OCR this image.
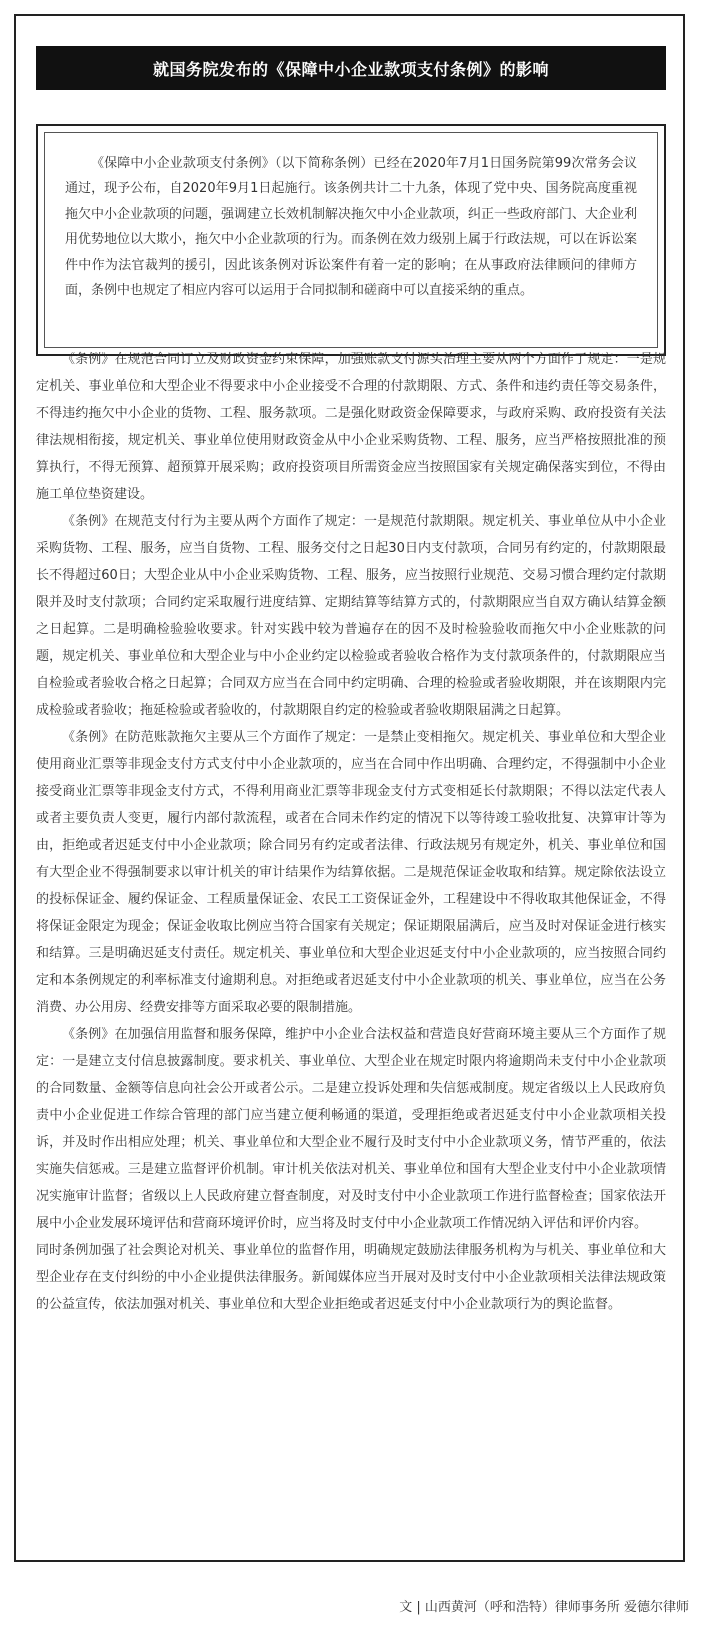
就国务院发布的《保障中小企业款项支付条例》的影响

《保障中小企业款项支付条例》（以下简称条例）已经在2020年7月1日国务院第99次常务会议通过，现予公布，自2020年9月1日起施行。该条例共计二十九条，体现了党中央、国务院高度重视拖欠中小企业款项的问题，强调建立长效机制解决拖欠中小企业款项，纠正一些政府部门、大企业利用优势地位以大欺小，拖欠中小企业款项的行为。而条例在效力级别上属于行政法规，可以在诉讼案件中作为法官裁判的援引，因此该条例对诉讼案件有着一定的影响；在从事政府法律顾问的律师方面，条例中也规定了相应内容可以运用于合同拟制和磋商中可以直接采纳的重点。

《条例》在规范合同订立及财政资金约束保障，加强账款支付源头治理主要从两个方面作了规定：一是规定机关、事业单位和大型企业不得要求中小企业接受不合理的付款期限、方式、条件和违约责任等交易条件，不得违约拖欠中小企业的货物、工程、服务款项。二是强化财政资金保障要求，与政府采购、政府投资有关法律法规相衔接，规定机关、事业单位使用财政资金从中小企业采购货物、工程、服务，应当严格按照批准的预算执行，不得无预算、超预算开展采购；政府投资项目所需资金应当按照国家有关规定确保落实到位，不得由施工单位垫资建设。

《条例》在规范支付行为主要从两个方面作了规定：一是规范付款期限。规定机关、事业单位从中小企业采购货物、工程、服务，应当自货物、工程、服务交付之日起30日内支付款项，合同另有约定的，付款期限最长不得超过60日；大型企业从中小企业采购货物、工程、服务，应当按照行业规范、交易习惯合理约定付款期限并及时支付款项；合同约定采取履行进度结算、定期结算等结算方式的，付款期限应当自双方确认结算金额之日起算。二是明确检验验收要求。针对实践中较为普遍存在的因不及时检验验收而拖欠中小企业账款的问题，规定机关、事业单位和大型企业与中小企业约定以检验或者验收合格作为支付款项条件的，付款期限应当自检验或者验收合格之日起算；合同双方应当在合同中约定明确、合理的检验或者验收期限，并在该期限内完成检验或者验收；拖延检验或者验收的，付款期限自约定的检验或者验收期限届满之日起算。

《条例》在防范账款拖欠主要从三个方面作了规定：一是禁止变相拖欠。规定机关、事业单位和大型企业使用商业汇票等非现金支付方式支付中小企业款项的，应当在合同中作出明确、合理约定，不得强制中小企业接受商业汇票等非现金支付方式，不得利用商业汇票等非现金支付方式变相延长付款期限；不得以法定代表人或者主要负责人变更，履行内部付款流程，或者在合同未作约定的情况下以等待竣工验收批复、决算审计等为由，拒绝或者迟延支付中小企业款项；除合同另有约定或者法律、行政法规另有规定外，机关、事业单位和国有大型企业不得强制要求以审计机关的审计结果作为结算依据。二是规范保证金收取和结算。规定除依法设立的投标保证金、履约保证金、工程质量保证金、农民工工资保证金外，工程建设中不得收取其他保证金，不得将保证金限定为现金；保证金收取比例应当符合国家有关规定；保证期限届满后，应当及时对保证金进行核实和结算。三是明确迟延支付责任。规定机关、事业单位和大型企业迟延支付中小企业款项的，应当按照合同约定和本条例规定的利率标准支付逾期利息。对拒绝或者迟延支付中小企业款项的机关、事业单位，应当在公务消费、办公用房、经费安排等方面采取必要的限制措施。

《条例》在加强信用监督和服务保障，维护中小企业合法权益和营造良好营商环境主要从三个方面作了规定：一是建立支付信息披露制度。要求机关、事业单位、大型企业在规定时限内将逾期尚未支付中小企业款项的合同数量、金额等信息向社会公开或者公示。二是建立投诉处理和失信惩戒制度。规定省级以上人民政府负责中小企业促进工作综合管理的部门应当建立便利畅通的渠道，受理拒绝或者迟延支付中小企业款项相关投诉，并及时作出相应处理；机关、事业单位和大型企业不履行及时支付中小企业款项义务，情节严重的，依法实施失信惩戒。三是建立监督评价机制。审计机关依法对机关、事业单位和国有大型企业支付中小企业款项情况实施审计监督；省级以上人民政府建立督查制度，对及时支付中小企业款项工作进行监督检查；国家依法开展中小企业发展环境评估和营商环境评价时，应当将及时支付中小企业款项工作情况纳入评估和评价内容。

同时条例加强了社会舆论对机关、事业单位的监督作用，明确规定鼓励法律服务机构为与机关、事业单位和大型企业存在支付纠纷的中小企业提供法律服务。新闻媒体应当开展对及时支付中小企业款项相关法律法规政策的公益宣传，依法加强对机关、事业单位和大型企业拒绝或者迟延支付中小企业款项行为的舆论监督。

文 | 山西黄河（呼和浩特）律师事务所 爱德尔律师
